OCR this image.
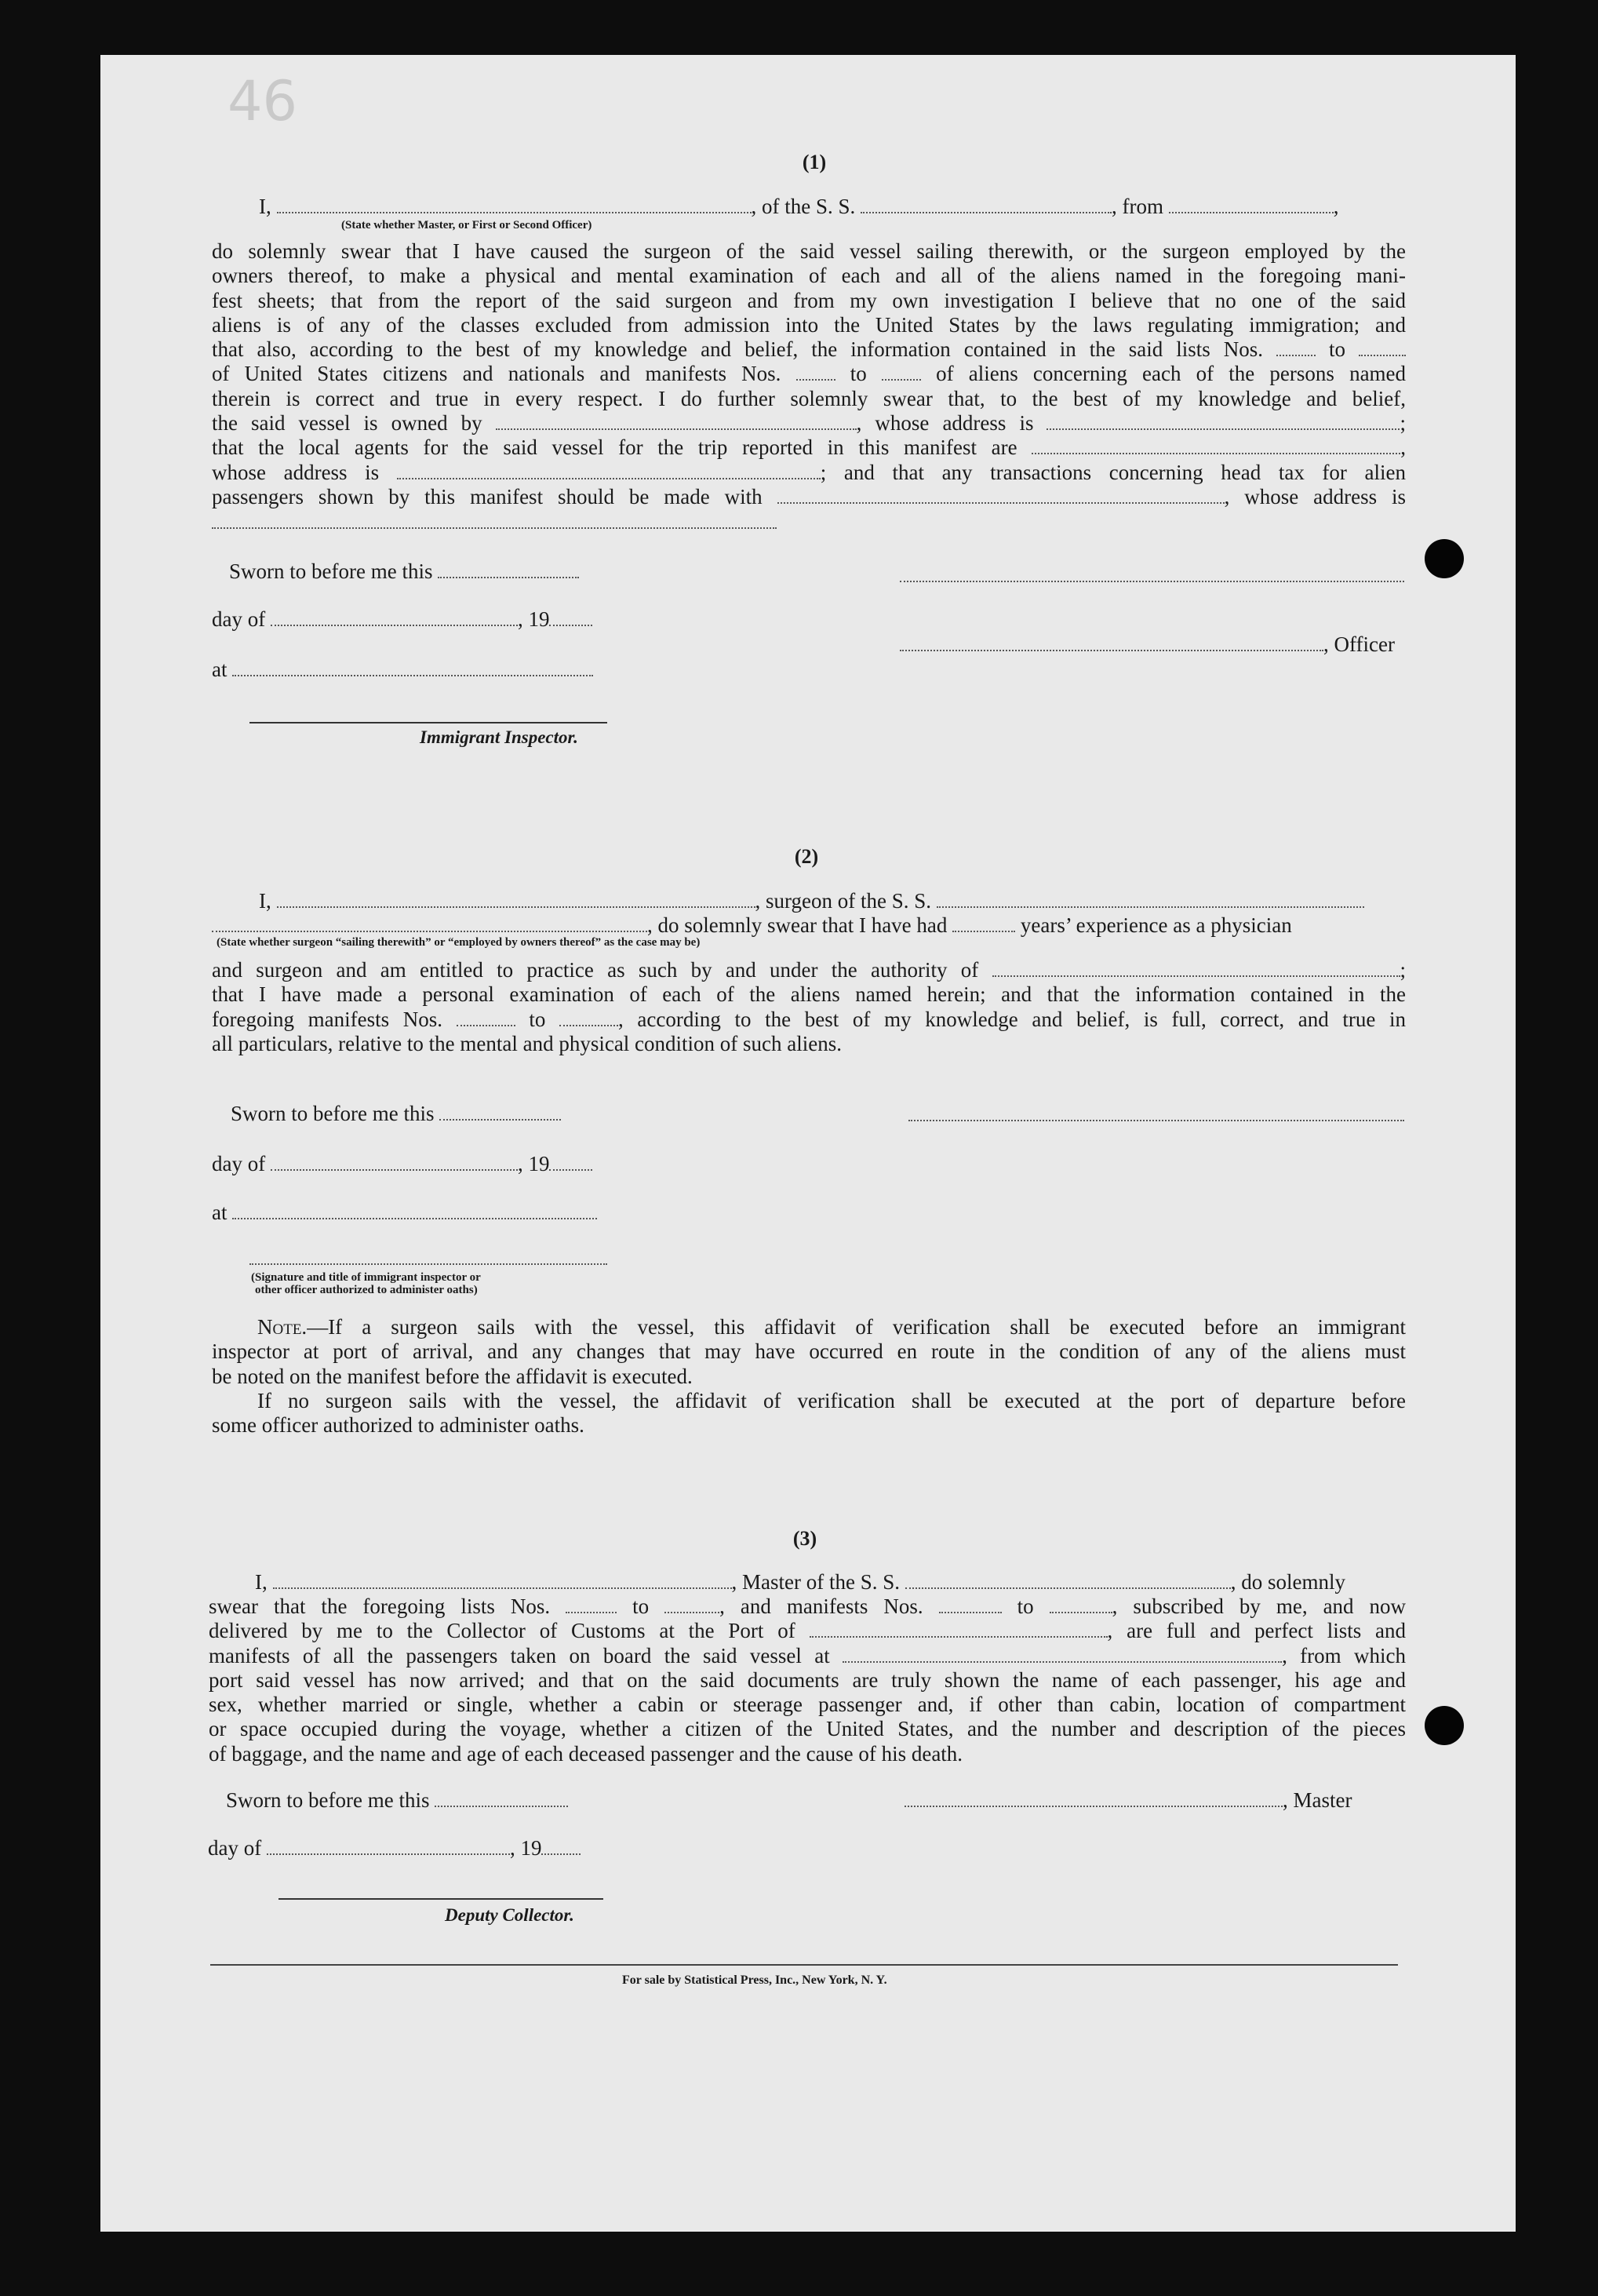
46
(1)
I,	, of the S. S.	, from	,
(State whether Master, or First or Second Officer)
do solemnly swear that I have caused the surgeon of the said vessel sailing therewith, or the surgeon employed by the
owners thereof, to make a physical and mental examination of each and all of the aliens named in the foregoing mani-
fest sheets; that from the report of the said surgeon and from my own investigation I believe that no one of the said
aliens is of any of the classes excluded from admission into the United States by the laws regulating immigration; and
that also, according to the best of my knowledge and belief, the information contained in the said lists Nos.	to
of United States citizens and nationals and manifests Nos.	to	of aliens concerning each of the persons named
therein is correct and true in every respect. I do further solemnly swear that, to the best of my knowledge and belief,
the said vessel is owned by	, whose address is	;
that the local agents for the said vessel for the trip reported in this manifest are	,
whose address is	; and that any transactions concerning head tax for alien
passengers shown by this manifest should be made with	, whose address is
Sworn to before me this
day of	, 19
, Officer
at
Immigrant Inspector.
(2)
I,	, surgeon of the S. S.
, do solemnly swear that I have had	years’ experience as a physician
(State whether surgeon “sailing therewith” or “employed by owners thereof” as the case may be)
and surgeon and am entitled to practice as such by and under the authority of	;
that I have made a personal examination of each of the aliens named herein; and that the information contained in the
foregoing manifests Nos.	to	, according to the best of my knowledge and belief, is full, correct, and true in
all particulars, relative to the mental and physical condition of such aliens.
Sworn to before me this
day of	, 19
at
(Signature and title of immigrant inspector or
other officer authorized to administer oaths)
Note.—If a surgeon sails with the vessel, this affidavit of verification shall be executed before an immigrant
inspector at port of arrival, and any changes that may have occurred en route in the condition of any of the aliens must
be noted on the manifest before the affidavit is executed.
If no surgeon sails with the vessel, the affidavit of verification shall be executed at the port of departure before
some officer authorized to administer oaths.
(3)
I,	, Master of the S. S.	, do solemnly
swear that the foregoing lists Nos.	to	, and manifests Nos.	to	, subscribed by me, and now
delivered by me to the Collector of Customs at the Port of	, are full and perfect lists and
manifests of all the passengers taken on board the said vessel at	, from which
port said vessel has now arrived; and that on the said documents are truly shown the name of each passenger, his age and
sex, whether married or single, whether a cabin or steerage passenger and, if other than cabin, location of compartment
or space occupied during the voyage, whether a citizen of the United States, and the number and description of the pieces
of baggage, and the name and age of each deceased passenger and the cause of his death.
Sworn to before me this	, Master
day of	, 19
Deputy Collector.
For sale by Statistical Press, Inc., New York, N. Y.
